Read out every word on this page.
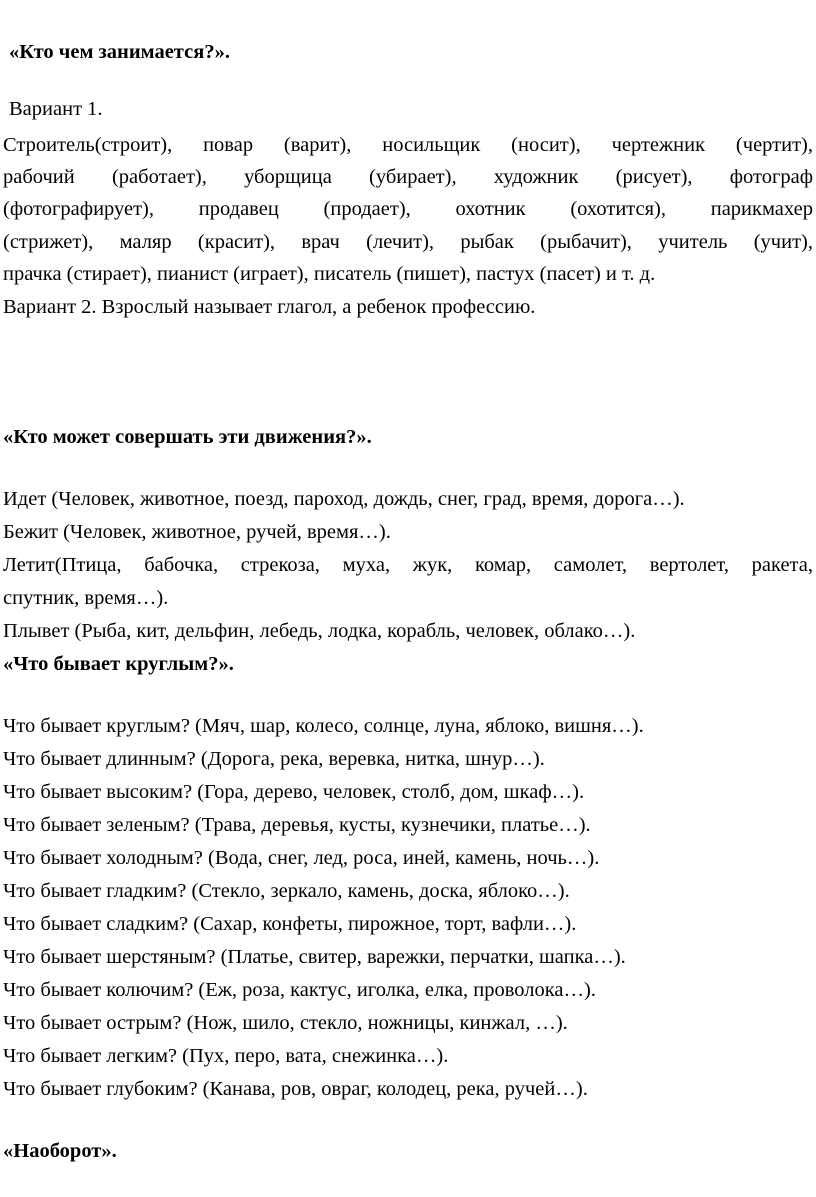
«Кто чем занимается?».
Вариант 1.
Строитель(строит), повар (варит), носильщик (носит), чертежник (чертит),
рабочий (работает), уборщица (убирает), художник (рисует), фотограф
(фотографирует), продавец (продает), охотник (охотится), парикмахер
(стрижет), маляр (красит), врач (лечит), рыбак (рыбачит), учитель (учит),
прачка (стирает), пианист (играет), писатель (пишет), пастух (пасет) и т. д.
Вариант 2. Взрослый называет глагол, а ребенок профессию.
«Кто может совершать эти движения?».
Идет (Человек, животное, поезд, пароход, дождь, снег, град, время, дорога…).
Бежит (Человек, животное, ручей, время…).
Летит(Птица, бабочка, стрекоза, муха, жук, комар, самолет, вертолет, ракета,
спутник, время…).
Плывет (Рыба, кит, дельфин, лебедь, лодка, корабль, человек, облако…).
«Что бывает круглым?».
Что бывает круглым? (Мяч, шар, колесо, солнце, луна, яблоко, вишня…).
Что бывает длинным? (Дорога, река, веревка, нитка, шнур…).
Что бывает высоким? (Гора, дерево, человек, столб, дом, шкаф…).
Что бывает зеленым? (Трава, деревья, кусты, кузнечики, платье…).
Что бывает холодным? (Вода, снег, лед, роса, иней, камень, ночь…).
Что бывает гладким? (Стекло, зеркало, камень, доска, яблоко…).
Что бывает сладким? (Сахар, конфеты, пирожное, торт, вафли…).
Что бывает шерстяным? (Платье, свитер, варежки, перчатки, шапка…).
Что бывает колючим? (Еж, роза, кактус, иголка, елка, проволока…).
Что бывает острым? (Нож, шило, стекло, ножницы, кинжал, …).
Что бывает легким? (Пух, перо, вата, снежинка…).
Что бывает глубоким? (Канава, ров, овраг, колодец, река, ручей…).
«Наоборот».
